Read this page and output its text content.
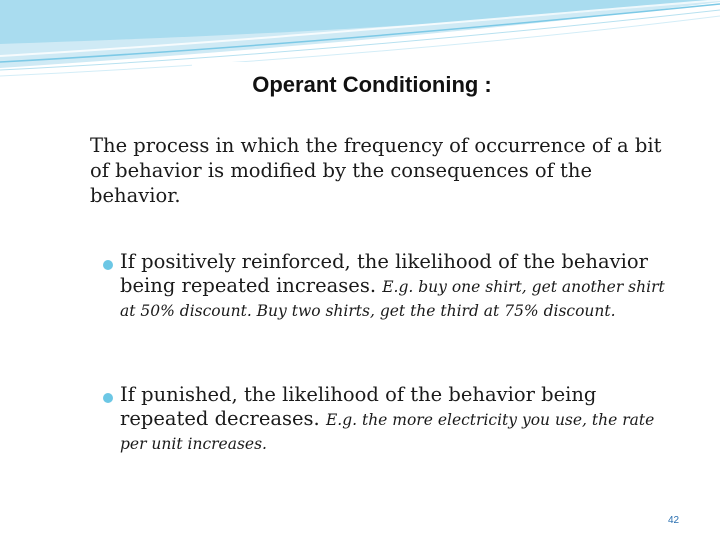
Operant Conditioning :
The process in which the frequency of occurrence of a bit of behavior is modified by the consequences of the behavior.
If positively reinforced, the likelihood of the behavior being repeated increases. E.g. buy one shirt, get another shirt at 50% discount. Buy two shirts, get the third at 75% discount.
If punished, the likelihood of the behavior being repeated decreases. E.g. the more electricity you use, the rate per unit increases.
42
